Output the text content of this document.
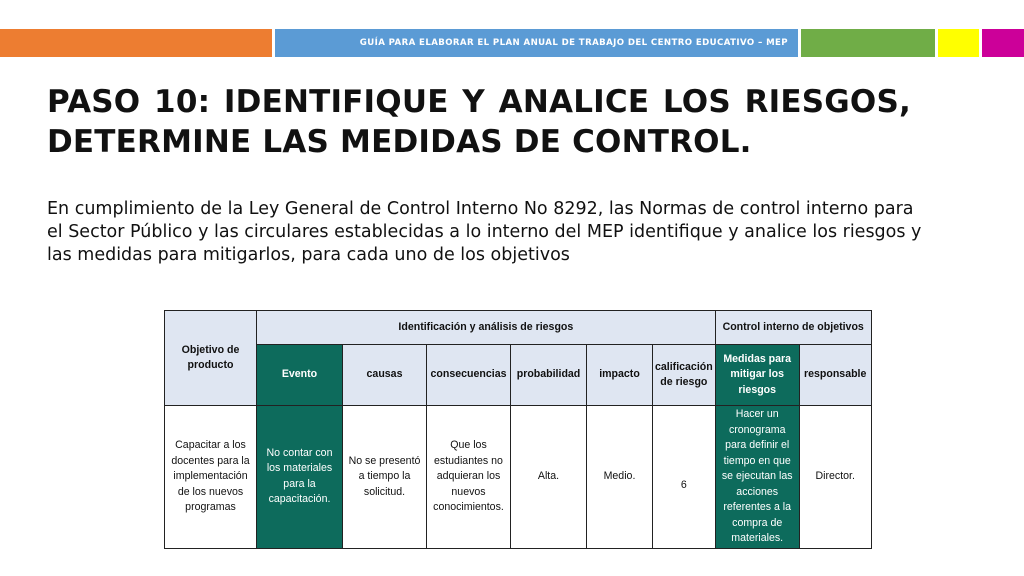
GUÍA PARA ELABORAR EL PLAN ANUAL DE TRABAJO DEL CENTRO EDUCATIVO – MEP
PASO 10: IDENTIFIQUE Y ANALICE LOS RIESGOS, DETERMINE LAS MEDIDAS DE CONTROL.

En cumplimiento de la Ley General de Control Interno No 8292, las Normas de control interno para el Sector Público y las circulares establecidas a lo interno del MEP identifique y analice los riesgos y las medidas para mitigarlos, para cada uno de los objetivos

Objetivo de producto	Identificación y análisis de riesgos						Control interno de objetivos	
	Evento	causas	consecuencias	probabilidad	impacto	calificación de riesgo	Medidas para mitigar los riesgos	responsable
Capacitar a los docentes para la implementación de los nuevos programas	No contar con los materiales para la capacitación.	No se presentó a tiempo la solicitud.	Que los estudiantes no adquieran los nuevos conocimientos.	Alta.	Medio.	6	Hacer un cronograma para definir el tiempo en que se ejecutan las acciones referentes a la compra de materiales.	Director.
